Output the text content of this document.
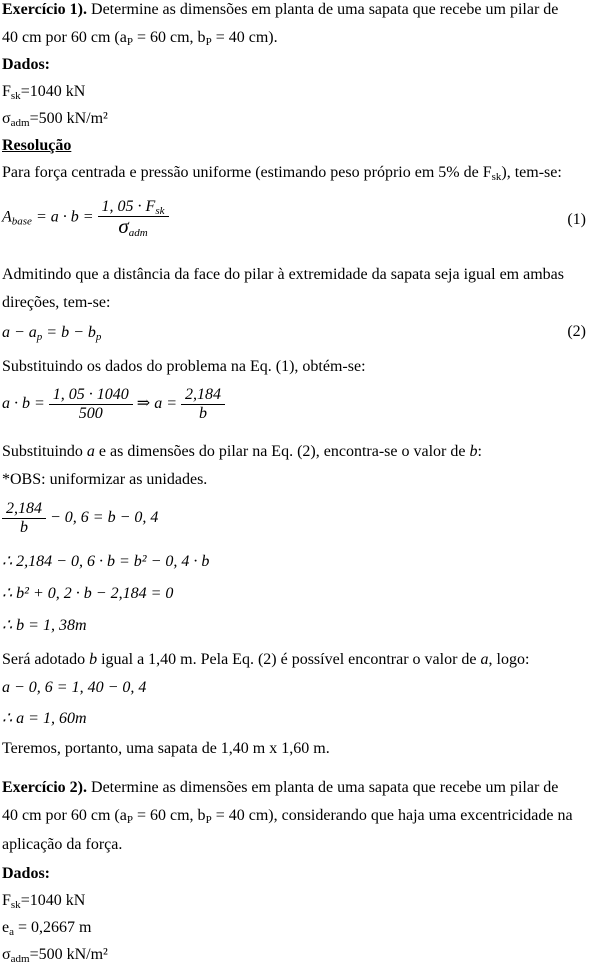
Exercício 1). Determine as dimensões em planta de uma sapata que recebe um pilar de
40 cm por 60 cm ($a_P = 60$ cm, $b_P = 40$ cm).
Dados:
$F_{sk}=1040$ kN
$\sigma_{adm}=500$ kN/m²
Resolução
Para força centrada e pressão uniforme (estimando peso próprio em 5% de $F_{sk}$), tem-se:
$A_{base} = a \cdot b = \frac{1, 05 \cdot F_{sk}}{\sigma_{adm}}$	(1)
Admitindo que a distância da face do pilar à extremidade da sapata seja igual em ambas
direções, tem-se:
$a - a_p = b - b_p$	(2)
Substituindo os dados do problema na Eq. (1), obtém-se:
$a \cdot b = \frac{1, 05 \cdot 1040}{500}$ ⇒ $a = \frac{2,184}{b}$
Substituindo a e as dimensões do pilar na Eq. (2), encontra-se o valor de b:
*OBS: uniformizar as unidades.
$\frac{2,184}{b} - 0$, 6 = b − 0, 4
∴ 2,184 − 0, 6 · b = b² − 0, 4 · b
∴ b² + 0, 2 · b − 2,184 = 0
∴ b = 1, 38m
Será adotado b igual a 1,40 m. Pela Eq. (2) é possível encontrar o valor de a, logo:
a − 0, 6 = 1, 40 − 0, 4
∴ a = 1, 60m
Teremos, portanto, uma sapata de 1,40 m x 1,60 m.
Exercício 2). Determine as dimensões em planta de uma sapata que recebe um pilar de
40 cm por 60 cm ($a_P = 60$ cm, $b_P = 40$ cm), considerando que haja uma excentricidade na
aplicação da força.
Dados:
$F_{sk}=1040$ kN
$e_a = 0,2667$ m
$\sigma_{adm}=500$ kN/m²
